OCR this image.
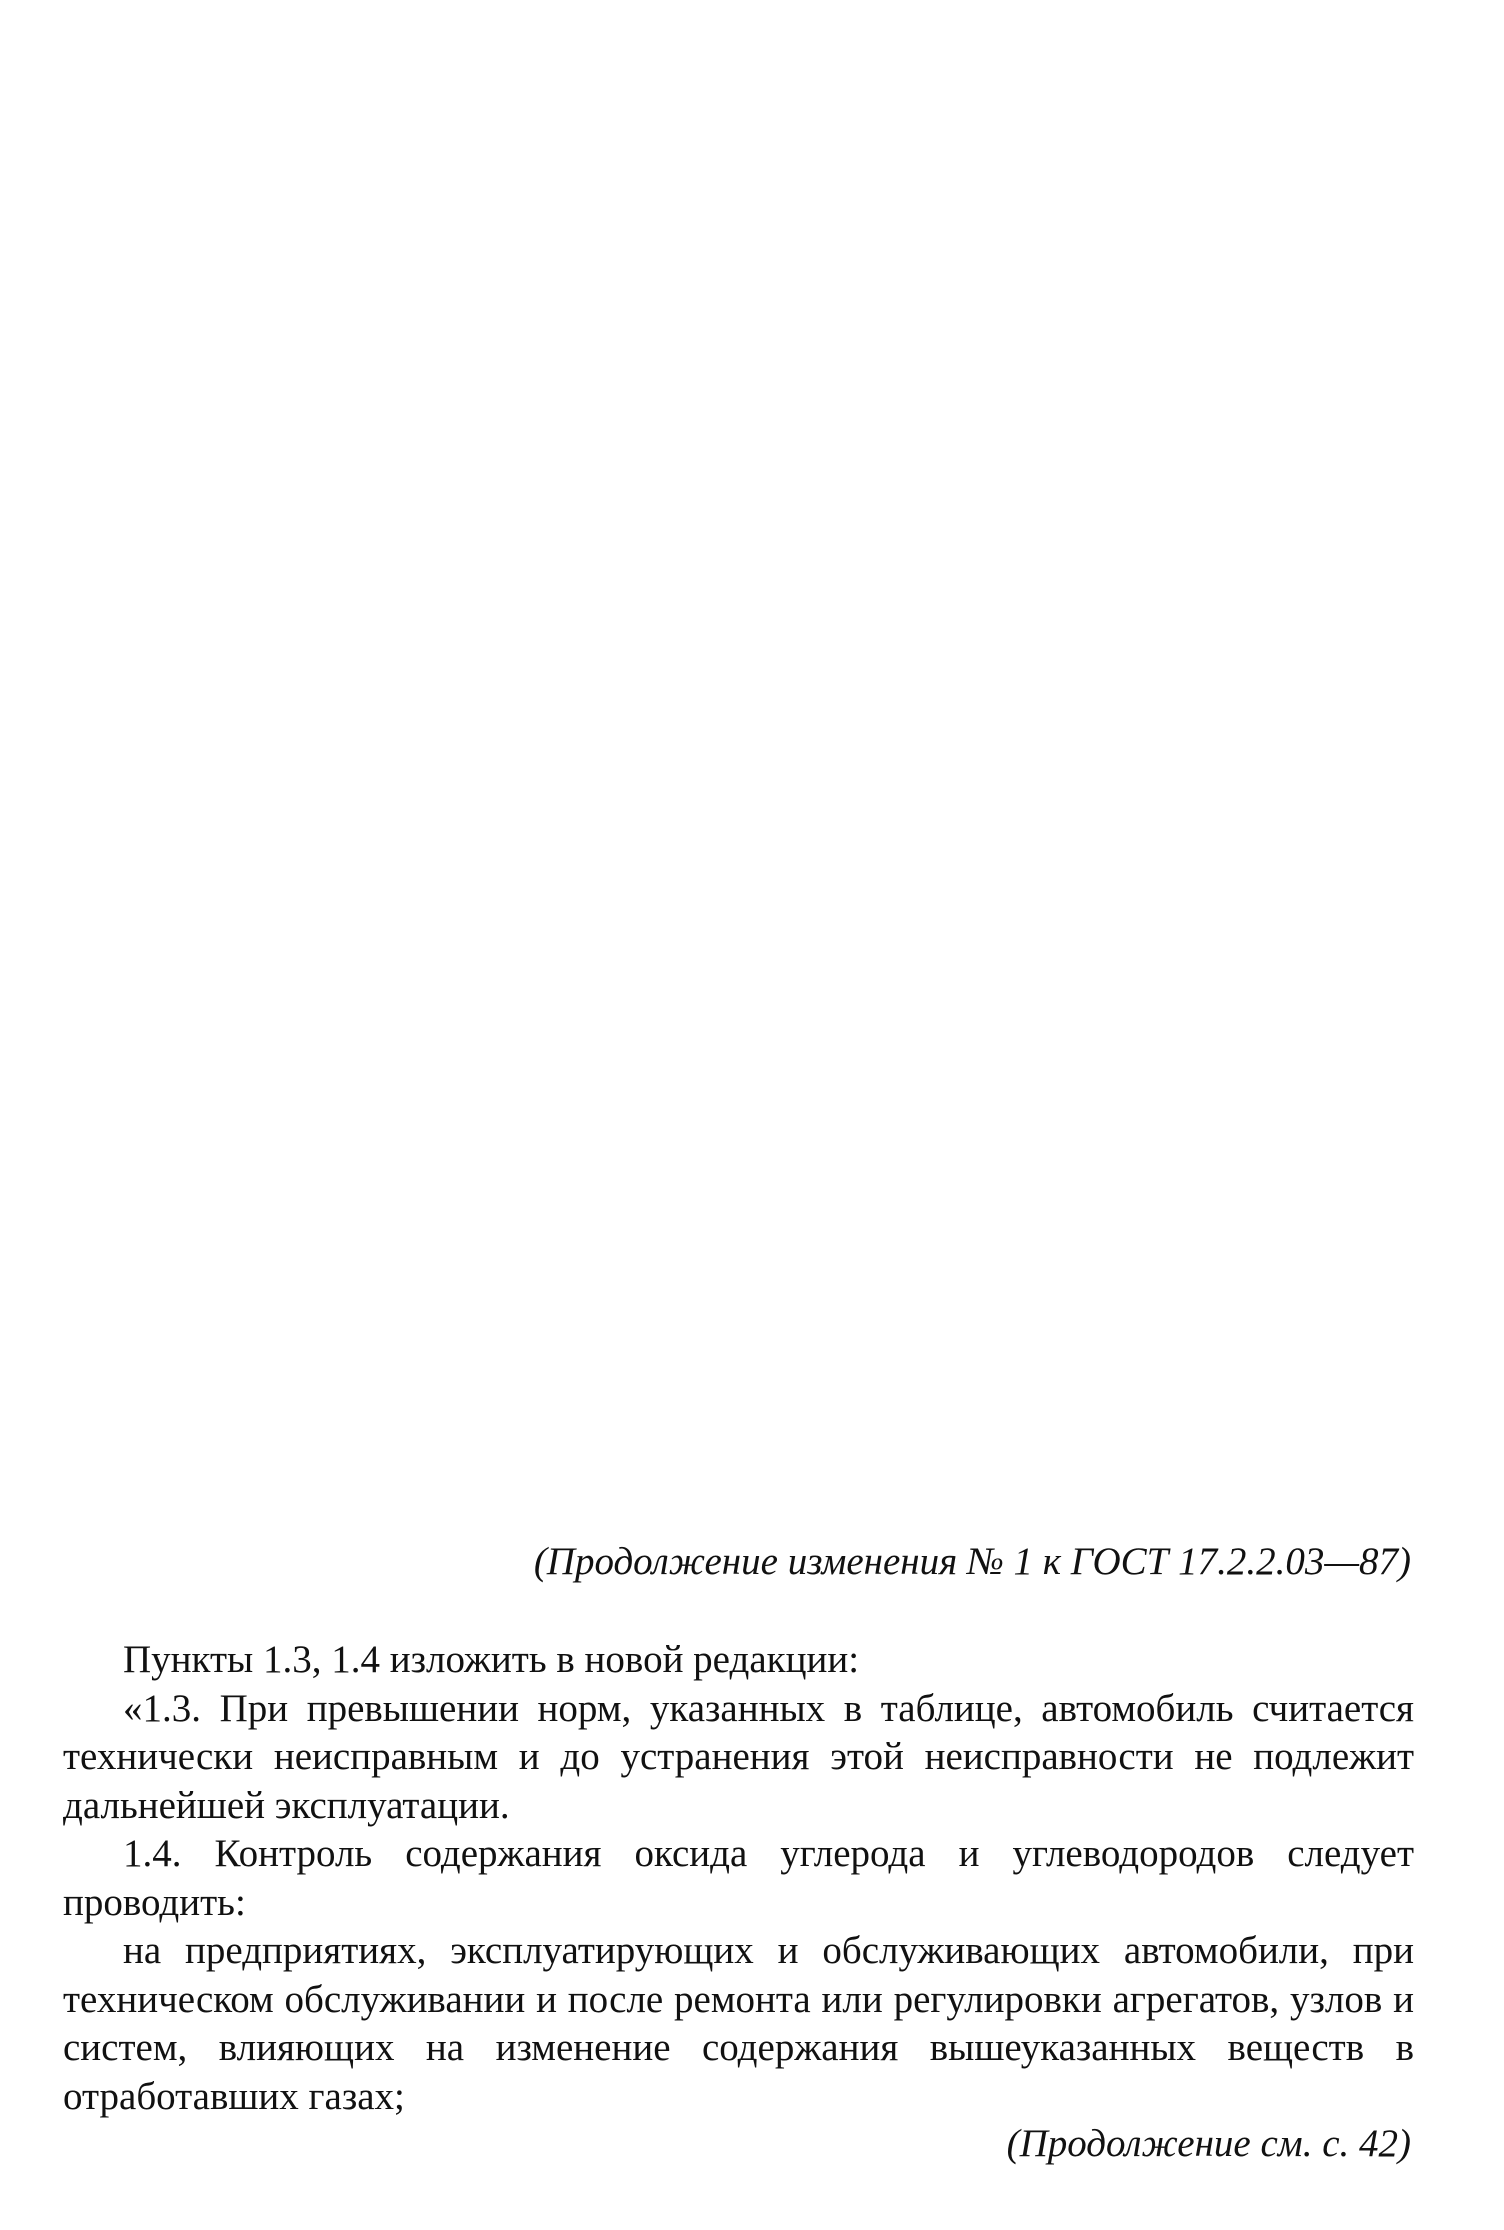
(Продолжение изменения № 1 к ГОСТ 17.2.2.03—87)

Пункты 1.3, 1.4 изложить в новой редакции:

«1.3. При превышении норм, указанных в таблице, автомобиль считается технически неисправным и до устранения этой неисправности не подлежит дальнейшей эксплуатации.

1.4. Контроль содержания оксида углерода и углеводородов следует проводить:

на предприятиях, эксплуатирующих и обслуживающих автомобили, при техническом обслуживании и после ремонта или регулировки агрегатов, узлов и систем, влияющих на изменение содержания вышеуказанных веществ в отработавших газах;

(Продолжение см. с. 42)
